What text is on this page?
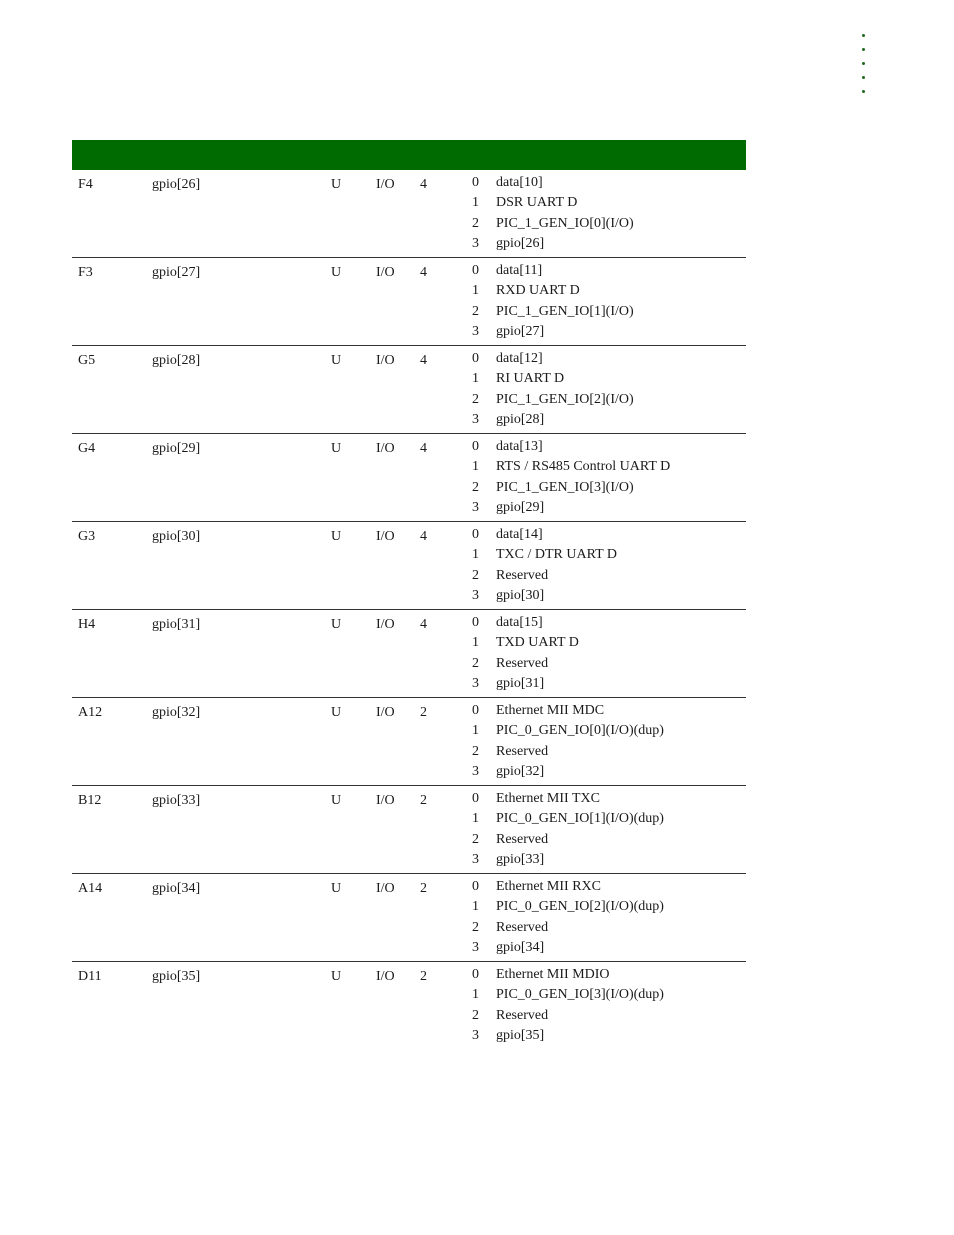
F4	gpio[26]	U I/O 4	0 data[10]
1 DSR UART D
2 PIC_1_GEN_IO[0](I/O)
3 gpio[26]
F3	gpio[27]	U I/O 4	0 data[11]
1 RXD UART D
2 PIC_1_GEN_IO[1](I/O)
3 gpio[27]
G5	gpio[28]	U I/O 4	0 data[12]
1 RI UART D
2 PIC_1_GEN_IO[2](I/O)
3 gpio[28]
G4	gpio[29]	U I/O 4	0 data[13]
1 RTS / RS485 Control UART D
2 PIC_1_GEN_IO[3](I/O)
3 gpio[29]
G3	gpio[30]	U I/O 4	0 data[14]
1 TXC / DTR UART D
2 Reserved
3 gpio[30]
H4	gpio[31]	U I/O 4	0 data[15]
1 TXD UART D
2 Reserved
3 gpio[31]
A12	gpio[32]	U I/O 2	0 Ethernet MII MDC
1 PIC_0_GEN_IO[0](I/O)(dup)
2 Reserved
3 gpio[32]
B12	gpio[33]	U I/O 2	0 Ethernet MII TXC
1 PIC_0_GEN_IO[1](I/O)(dup)
2 Reserved
3 gpio[33]
A14	gpio[34]	U I/O 2	0 Ethernet MII RXC
1 PIC_0_GEN_IO[2](I/O)(dup)
2 Reserved
3 gpio[34]
D11	gpio[35]	U I/O 2	0 Ethernet MII MDIO
1 PIC_0_GEN_IO[3](I/O)(dup)
2 Reserved
3 gpio[35]
